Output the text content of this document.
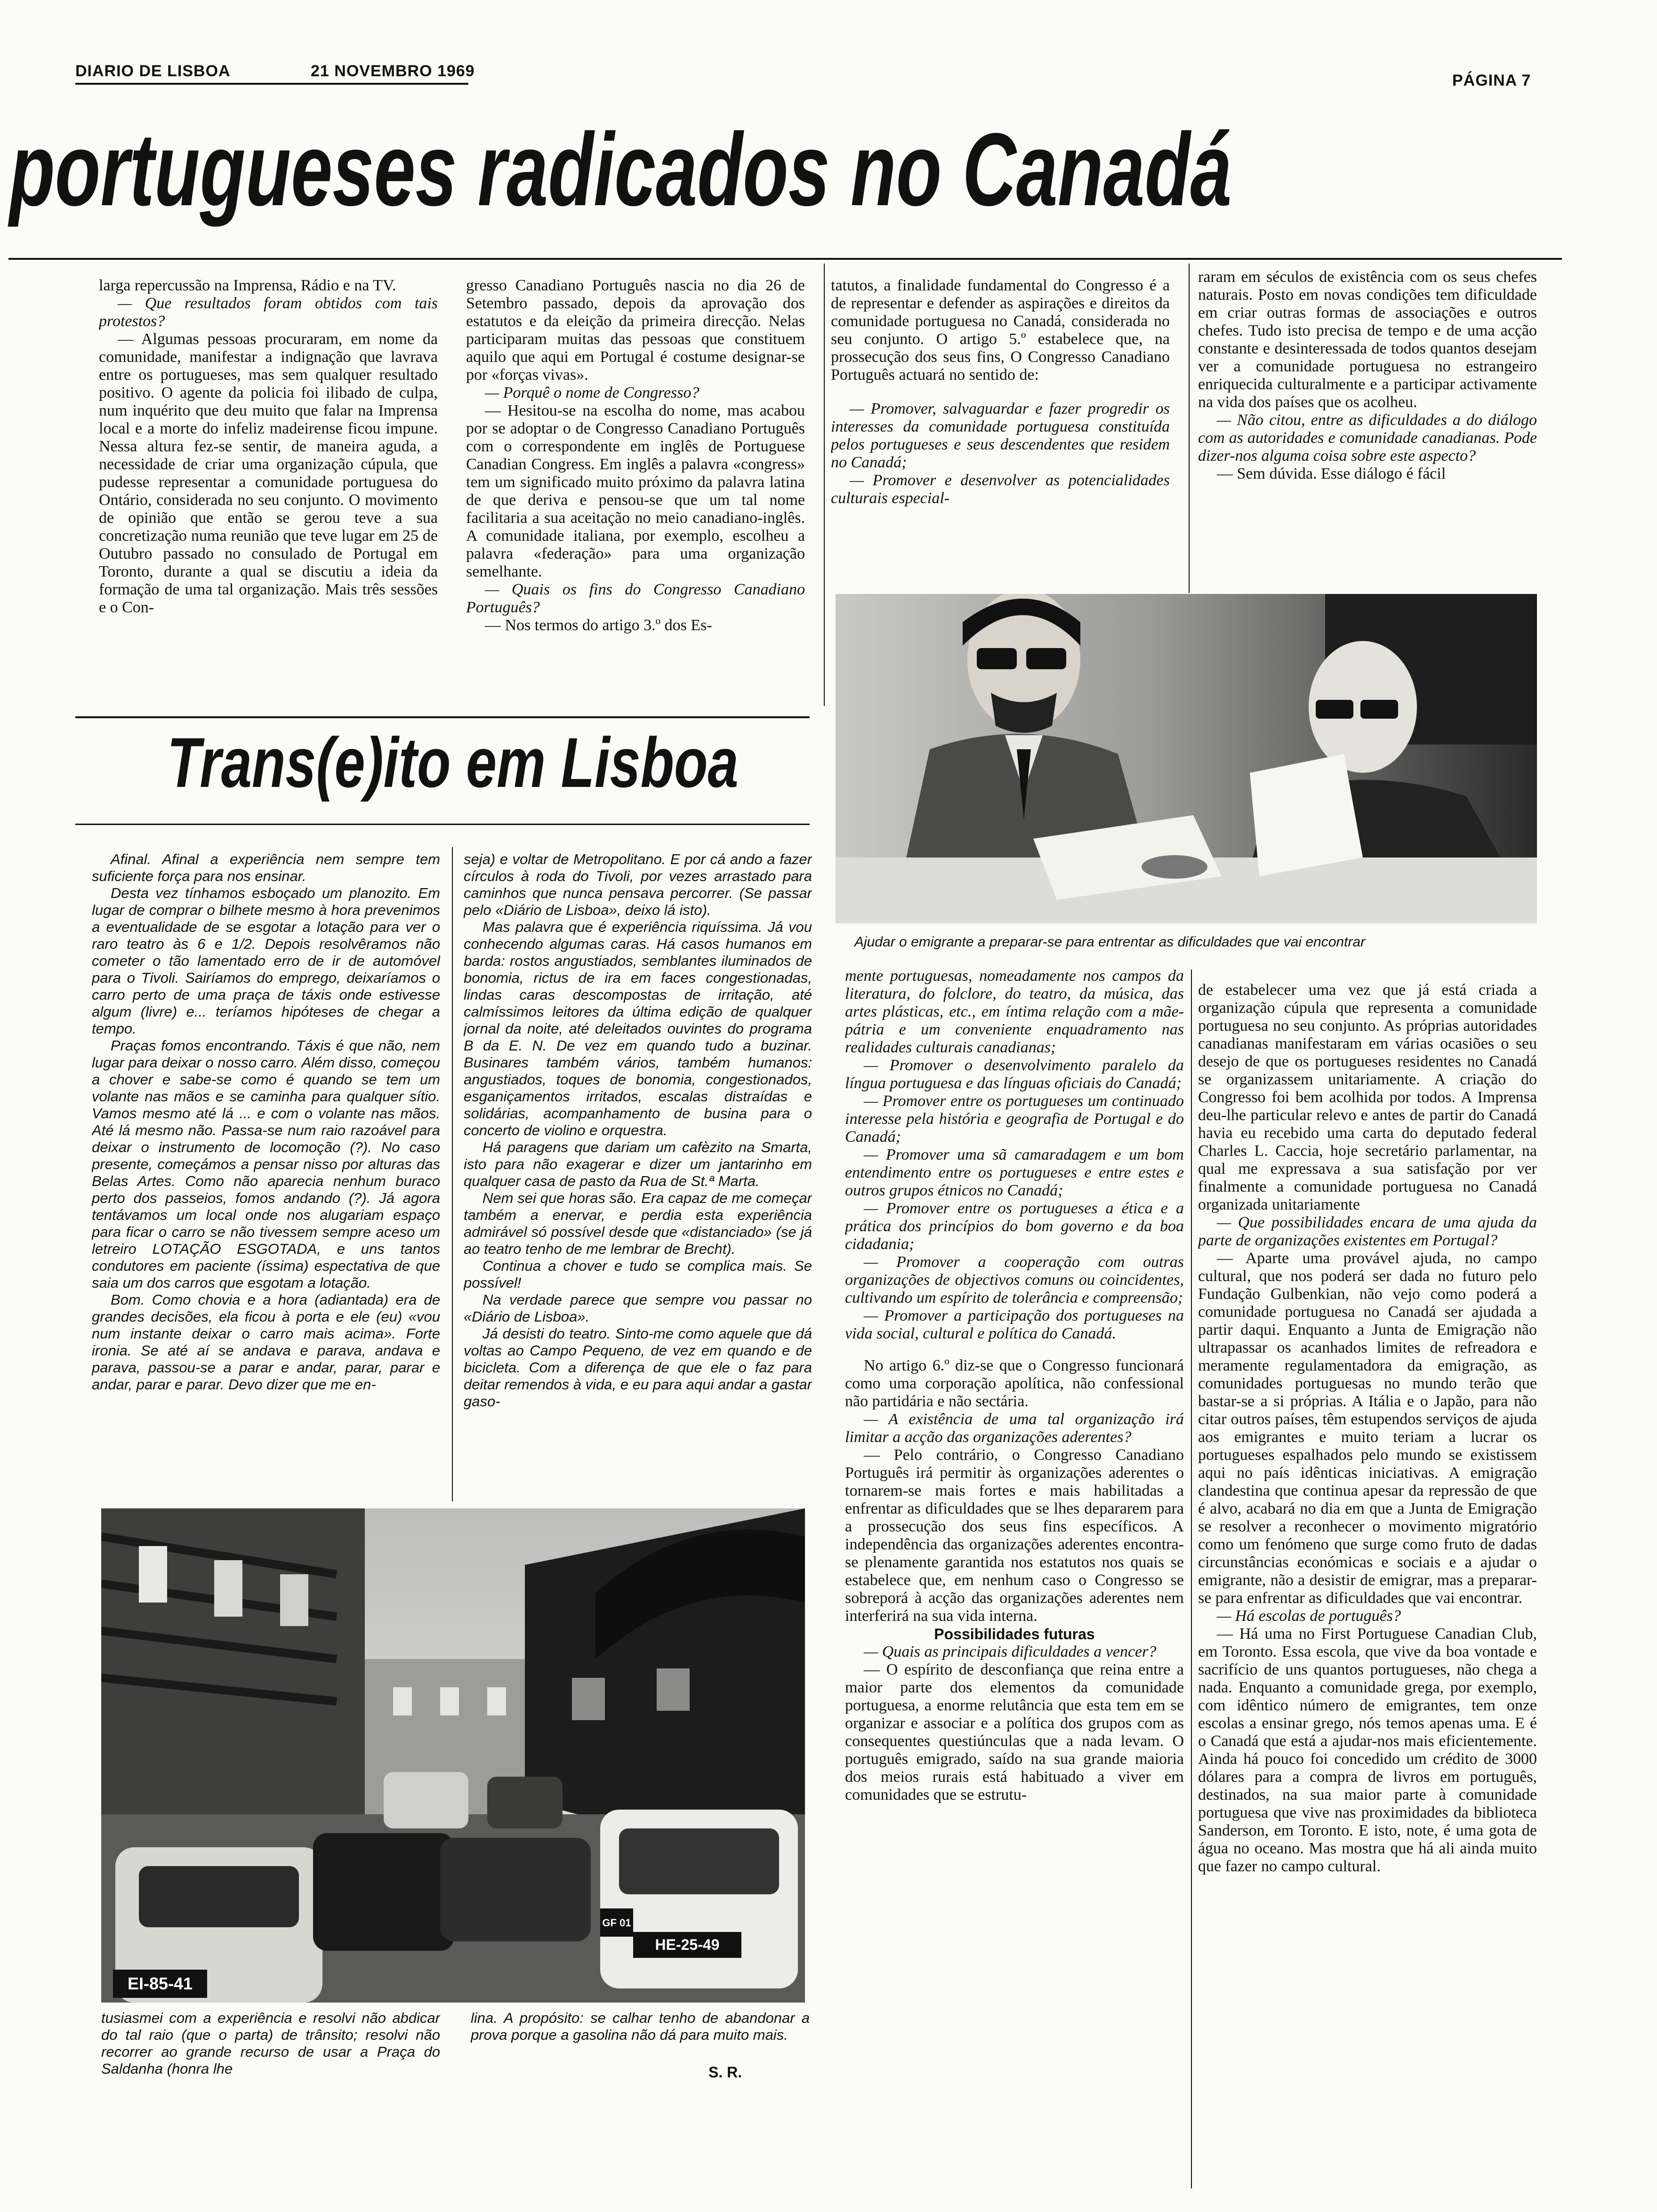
DIARIO DE LISBOA	21 NOVEMBRO 1969
PÁGINA 7
portugueses radicados no Canadá

larga repercussão na Imprensa, Rádio e na TV.

— Que resultados foram obtidos com tais protestos?

— Algumas pessoas procuraram, em nome da comunidade, manifestar a indignação que lavrava entre os portugueses, mas sem qualquer resultado positivo. O agente da policia foi ilibado de culpa, num inquérito que deu muito que falar na Imprensa local e a morte do infeliz madeirense ficou impune. Nessa altura fez-se sentir, de maneira aguda, a necessidade de criar uma organização cúpula, que pudesse representar a comunidade portuguesa do Ontário, considerada no seu conjunto. O movimento de opinião que então se gerou teve a sua concretização numa reunião que teve lugar em 25 de Outubro passado no consulado de Portugal em Toronto, durante a qual se discutiu a ideia da formação de uma tal organização. Mais três sessões e o Con-

gresso Canadiano Português nascia no dia 26 de Setembro passado, depois da aprovação dos estatutos e da eleição da primeira direcção. Nelas participaram muitas das pessoas que constituem aquilo que aqui em Portugal é costume designar-se por «forças vivas».

— Porquê o nome de Congresso?

— Hesitou-se na escolha do nome, mas acabou por se adoptar o de Congresso Canadiano Português com o correspondente em inglês de Portuguese Canadian Congress. Em inglês a palavra «congress» tem um significado muito próximo da palavra latina de que deriva e pensou-se que um tal nome facilitaria a sua aceitação no meio canadiano-inglês. A comunidade italiana, por exemplo, escolheu a palavra «federação» para uma organização semelhante.

— Quais os fins do Congresso Canadiano Português?

— Nos termos do artigo 3.º dos Es-

tatutos, a finalidade fundamental do Congresso é a de representar e defender as aspirações e direitos da comunidade portuguesa no Canadá, considerada no seu conjunto. O artigo 5.º estabelece que, na prossecução dos seus fins, O Congresso Canadiano Português actuará no sentido de:

— Promover, salvaguardar e fazer progredir os interesses da comunidade portuguesa constituída pelos portugueses e seus descendentes que residem no Canadá;

— Promover e desenvolver as potencialidades culturais especial-

raram em séculos de existência com os seus chefes naturais. Posto em novas condições tem dificuldade em criar outras formas de associações e outros chefes. Tudo isto precisa de tempo e de uma acção constante e desinteressada de todos quantos desejam ver a comunidade portuguesa no estrangeiro enriquecida culturalmente e a participar activamente na vida dos países que os acolheu.

— Não citou, entre as dificuldades a do diálogo com as autoridades e comunidade canadianas. Pode dizer-nos alguma coisa sobre este aspecto?

— Sem dúvida. Esse diálogo é fácil

Ajudar o emigrante a preparar-se para entrentar as dificuldades que vai encontrar

mente portuguesas, nomeadamente nos campos da literatura, do folclore, do teatro, da música, das artes plásticas, etc., em íntima relação com a mãe-pátria e um conveniente enquadramento nas realidades culturais canadianas;

— Promover o desenvolvimento paralelo da língua portuguesa e das línguas oficiais do Canadá;

— Promover entre os portugueses um continuado interesse pela história e geografia de Portugal e do Canadá;

— Promover uma sã camaradagem e um bom entendimento entre os portugueses e entre estes e outros grupos étnicos no Canadá;

— Promover entre os portugueses a ética e a prática dos princípios do bom governo e da boa cidadania;

— Promover a cooperação com outras organizações de objectivos comuns ou coincidentes, cultivando um espírito de tolerância e compreensão;

— Promover a participação dos portugueses na vida social, cultural e política do Canadá.

No artigo 6.º diz-se que o Congresso funcionará como uma corporação apolítica, não confessional não partidária e não sectária.

— A existência de uma tal organização irá limitar a acção das organizações aderentes?

— Pelo contrário, o Congresso Canadiano Português irá permitir às organizações aderentes o tornarem-se mais fortes e mais habilitadas a enfrentar as dificuldades que se lhes depararem para a prossecução dos seus fins específicos. A independência das organizações aderentes encontra-se plenamente garantida nos estatutos nos quais se estabelece que, em nenhum caso o Congresso se sobreporá à acção das organizações aderentes nem interferirá na sua vida interna.

Possibilidades futuras

— Quais as principais dificuldades a vencer?

— O espírito de desconfiança que reina entre a maior parte dos elementos da comunidade portuguesa, a enorme relutância que esta tem em se organizar e associar e a política dos grupos com as consequentes questiúnculas que a nada levam. O português emigrado, saído na sua grande maioria dos meios rurais está habituado a viver em comunidades que se estrutu-

de estabelecer uma vez que já está criada a organização cúpula que representa a comunidade portuguesa no seu conjunto. As próprias autoridades canadianas manifestaram em várias ocasiões o seu desejo de que os portugueses residentes no Canadá se organizassem unitariamente. A criação do Congresso foi bem acolhida por todos. A Imprensa deu-lhe particular relevo e antes de partir do Canadá havia eu recebido uma carta do deputado federal Charles L. Caccia, hoje secretário parlamentar, na qual me expressava a sua satisfação por ver finalmente a comunidade portuguesa no Canadá organizada unitariamente

— Que possibilidades encara de uma ajuda da parte de organizações existentes em Portugal?

— Aparte uma provável ajuda, no campo cultural, que nos poderá ser dada no futuro pelo Fundação Gulbenkian, não vejo como poderá a comunidade portuguesa no Canadá ser ajudada a partir daqui. Enquanto a Junta de Emigração não ultrapassar os acanhados limites de refreadora e meramente regulamentadora da emigração, as comunidades portuguesas no mundo terão que bastar-se a si próprias. A Itália e o Japão, para não citar outros países, têm estupendos serviços de ajuda aos emigrantes e muito teriam a lucrar os portugueses espalhados pelo mundo se existissem aqui no país idênticas iniciativas. A emigração clandestina que continua apesar da repressão de que é alvo, acabará no dia em que a Junta de Emigração se resolver a reconhecer o movimento migratório como um fenómeno que surge como fruto de dadas circunstâncias económicas e sociais e a ajudar o emigrante, não a desistir de emigrar, mas a preparar-se para enfrentar as dificuldades que vai encontrar.

— Há escolas de português?

— Há uma no First Portuguese Canadian Club, em Toronto. Essa escola, que vive da boa vontade e sacrifício de uns quantos portugueses, não chega a nada. Enquanto a comunidade grega, por exemplo, com idêntico número de emigrantes, tem onze escolas a ensinar grego, nós temos apenas uma. E é o Canadá que está a ajudar-nos mais eficientemente. Ainda há pouco foi concedido um crédito de 3000 dólares para a compra de livros em português, destinados, na sua maior parte à comunidade portuguesa que vive nas proximidades da biblioteca Sanderson, em Toronto. E isto, note, é uma gota de água no oceano. Mas mostra que há ali ainda muito que fazer no campo cultural.

Trans(e)ito em Lisboa

Afinal. Afinal a experiência nem sempre tem suficiente força para nos ensinar.

Desta vez tínhamos esboçado um planozito. Em lugar de comprar o bilhete mesmo à hora prevenimos a eventualidade de se esgotar a lotação para ver o raro teatro às 6 e 1/2. Depois resolvêramos não cometer o tão lamentado erro de ir de automóvel para o Tivoli. Sairíamos do emprego, deixaríamos o carro perto de uma praça de táxis onde estivesse algum (livre) e... teríamos hipóteses de chegar a tempo.

Praças fomos encontrando. Táxis é que não, nem lugar para deixar o nosso carro. Além disso, começou a chover e sabe-se como é quando se tem um volante nas mãos e se caminha para qualquer sítio. Vamos mesmo até lá ... e com o volante nas mãos. Até lá mesmo não. Passa-se num raio razoável para deixar o instrumento de locomoção (?). No caso presente, começámos a pensar nisso por alturas das Belas Artes. Como não aparecia nenhum buraco perto dos passeios, fomos andando (?). Já agora tentávamos um local onde nos alugariam espaço para ficar o carro se não tivessem sempre aceso um letreiro LOTAÇÃO ESGOTADA, e uns tantos condutores em paciente (íssima) espectativa de que saia um dos carros que esgotam a lotação.

Bom. Como chovia e a hora (adiantada) era de grandes decisões, ela ficou à porta e ele (eu) «vou num instante deixar o carro mais acima». Forte ironia. Se até aí se andava e parava, andava e parava, passou-se a parar e andar, parar, parar e andar, parar e parar. Devo dizer que me en-

seja) e voltar de Metropolitano. E por cá ando a fazer círculos à roda do Tivoli, por vezes arrastado para caminhos que nunca pensava percorrer. (Se passar pelo «Diário de Lisboa», deixo lá isto).

Mas palavra que é experiência riquíssima. Já vou conhecendo algumas caras. Há casos humanos em barda: rostos angustiados, semblantes iluminados de bonomia, rictus de ira em faces congestionadas, lindas caras descompostas de irritação, até calmíssimos leitores da última edição de qualquer jornal da noite, até deleitados ouvintes do programa B da E. N. De vez em quando tudo a buzinar. Businares também vários, também humanos: angustiados, toques de bonomia, congestionados, esganiçamentos irritados, escalas distraídas e solidárias, acompanhamento de busina para o concerto de violino e orquestra.

Há paragens que dariam um cafèzito na Smarta, isto para não exagerar e dizer um jantarinho em qualquer casa de pasto da Rua de St.ª Marta.

Nem sei que horas são. Era capaz de me começar também a enervar, e perdia esta experiência admirável só possível desde que «distanciado» (se já ao teatro tenho de me lembrar de Brecht).

Continua a chover e tudo se complica mais. Se possível!

Na verdade parece que sempre vou passar no «Diário de Lisboa».

Já desisti do teatro. Sinto-me como aquele que dá voltas ao Campo Pequeno, de vez em quando e de bicicleta. Com a diferença de que ele o faz para deitar remendos à vida, e eu para aqui andar a gastar gaso-

EI-85-41
HE-25-49
GF 01

tusiasmei com a experiência e resolvi não abdicar do tal raio (que o parta) de trânsito; resolvi não recorrer ao grande recurso de usar a Praça do Saldanha (honra lhe

lina. A propósito: se calhar tenho de abandonar a prova porque a gasolina não dá para muito mais.

S. R.
